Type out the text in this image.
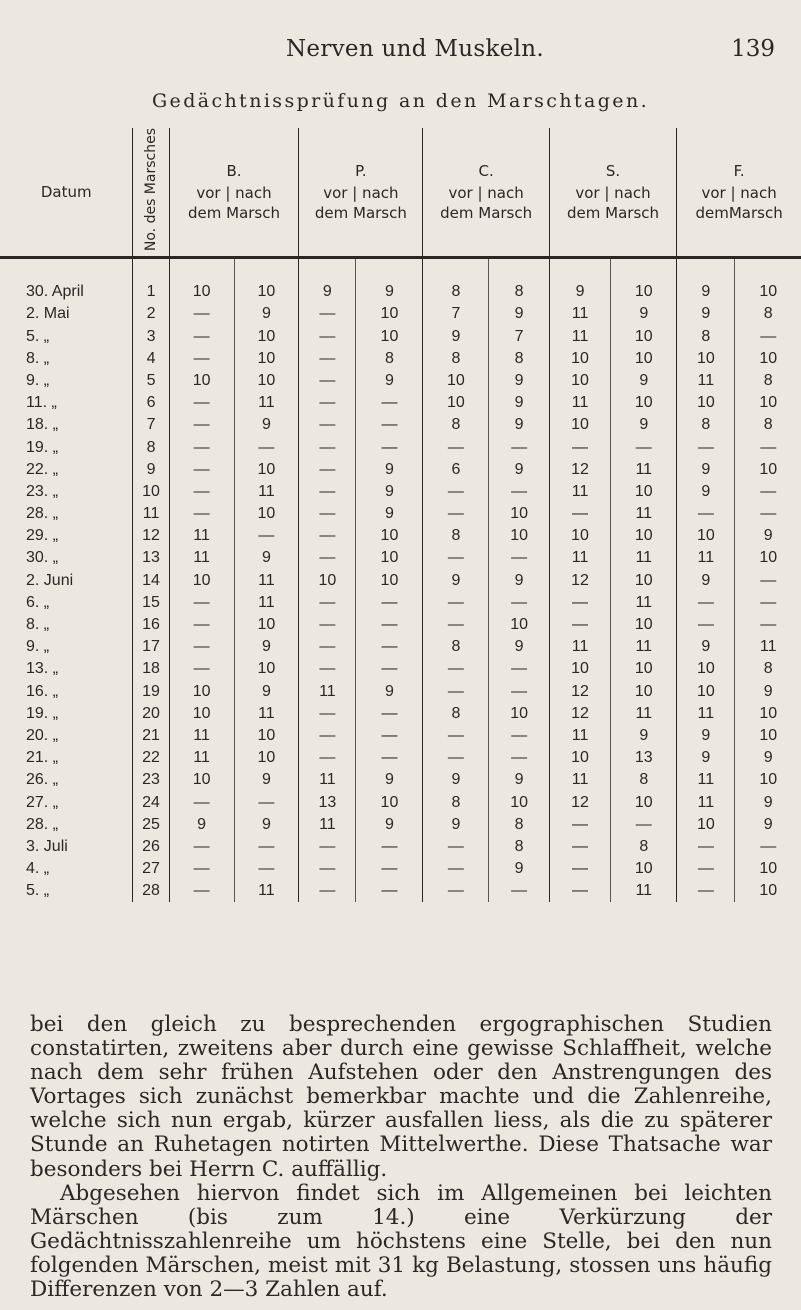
Nerven und Muskeln.	139
Gedächtnissprüfung an den Marschtagen.
Datum	No. des Marsches	B.
vor | nach
dem Marsch		P.
vor | nach
dem Marsch		C.
vor | nach
dem Marsch		S.
vor | nach
dem Marsch		F.
vor | nach
demMarsch	

30. April	1	10	10	9	9	8	8	9	10	9	10
2. Mai	2	—	9	—	10	7	9	11	9	9	8
5. „	3	—	10	—	10	9	7	11	10	8	—
8. „	4	—	10	—	8	8	8	10	10	10	10
9. „	5	10	10	—	9	10	9	10	9	11	8
11. „	6	—	11	—	—	10	9	11	10	10	10
18. „	7	—	9	—	—	8	9	10	9	8	8
19. „	8	—	—	—	—	—	—	—	—	—	—
22. „	9	—	10	—	9	6	9	12	11	9	10
23. „	10	—	11	—	9	—	—	11	10	9	—
28. „	11	—	10	—	9	—	10	—	11	—	—
29. „	12	11	—	—	10	8	10	10	10	10	9
30. „	13	11	9	—	10	—	—	11	11	11	10
2. Juni	14	10	11	10	10	9	9	12	10	9	—
6. „	15	—	11	—	—	—	—	—	11	—	—
8. „	16	—	10	—	—	—	10	—	10	—	—
9. „	17	—	9	—	—	8	9	11	11	9	11
13. „	18	—	10	—	—	—	—	10	10	10	8
16. „	19	10	9	11	9	—	—	12	10	10	9
19. „	20	10	11	—	—	8	10	12	11	11	10
20. „	21	11	10	—	—	—	—	11	9	9	10
21. „	22	11	10	—	—	—	—	10	13	9	9
26. „	23	10	9	11	9	9	9	11	8	11	10
27. „	24	—	—	13	10	8	10	12	10	11	9
28. „	25	9	9	11	9	9	8	—	—	10	9
3. Juli	26	—	—	—	—	—	8	—	8	—	—
4. „	27	—	—	—	—	—	9	—	10	—	10
5. „	28	—	11	—	—	—	—	—	11	—	10

bei den gleich zu besprechenden ergographischen Studien constatirten, zweitens aber durch eine gewisse Schlaffheit, welche nach dem sehr frühen Aufstehen oder den Anstrengungen des Vortages sich zunächst bemerkbar machte und die Zahlenreihe, welche sich nun ergab, kürzer ausfallen liess, als die zu späterer Stunde an Ruhetagen notirten Mittelwerthe. Diese Thatsache war besonders bei Herrn C. auffällig.

Abgesehen hiervon findet sich im Allgemeinen bei leichten Märschen (bis zum 14.) eine Verkürzung der Gedächtnisszahlenreihe um höchstens eine Stelle, bei den nun folgenden Märschen, meist mit 31 kg Belastung, stossen uns häufig Differenzen von 2—3 Zahlen auf.
